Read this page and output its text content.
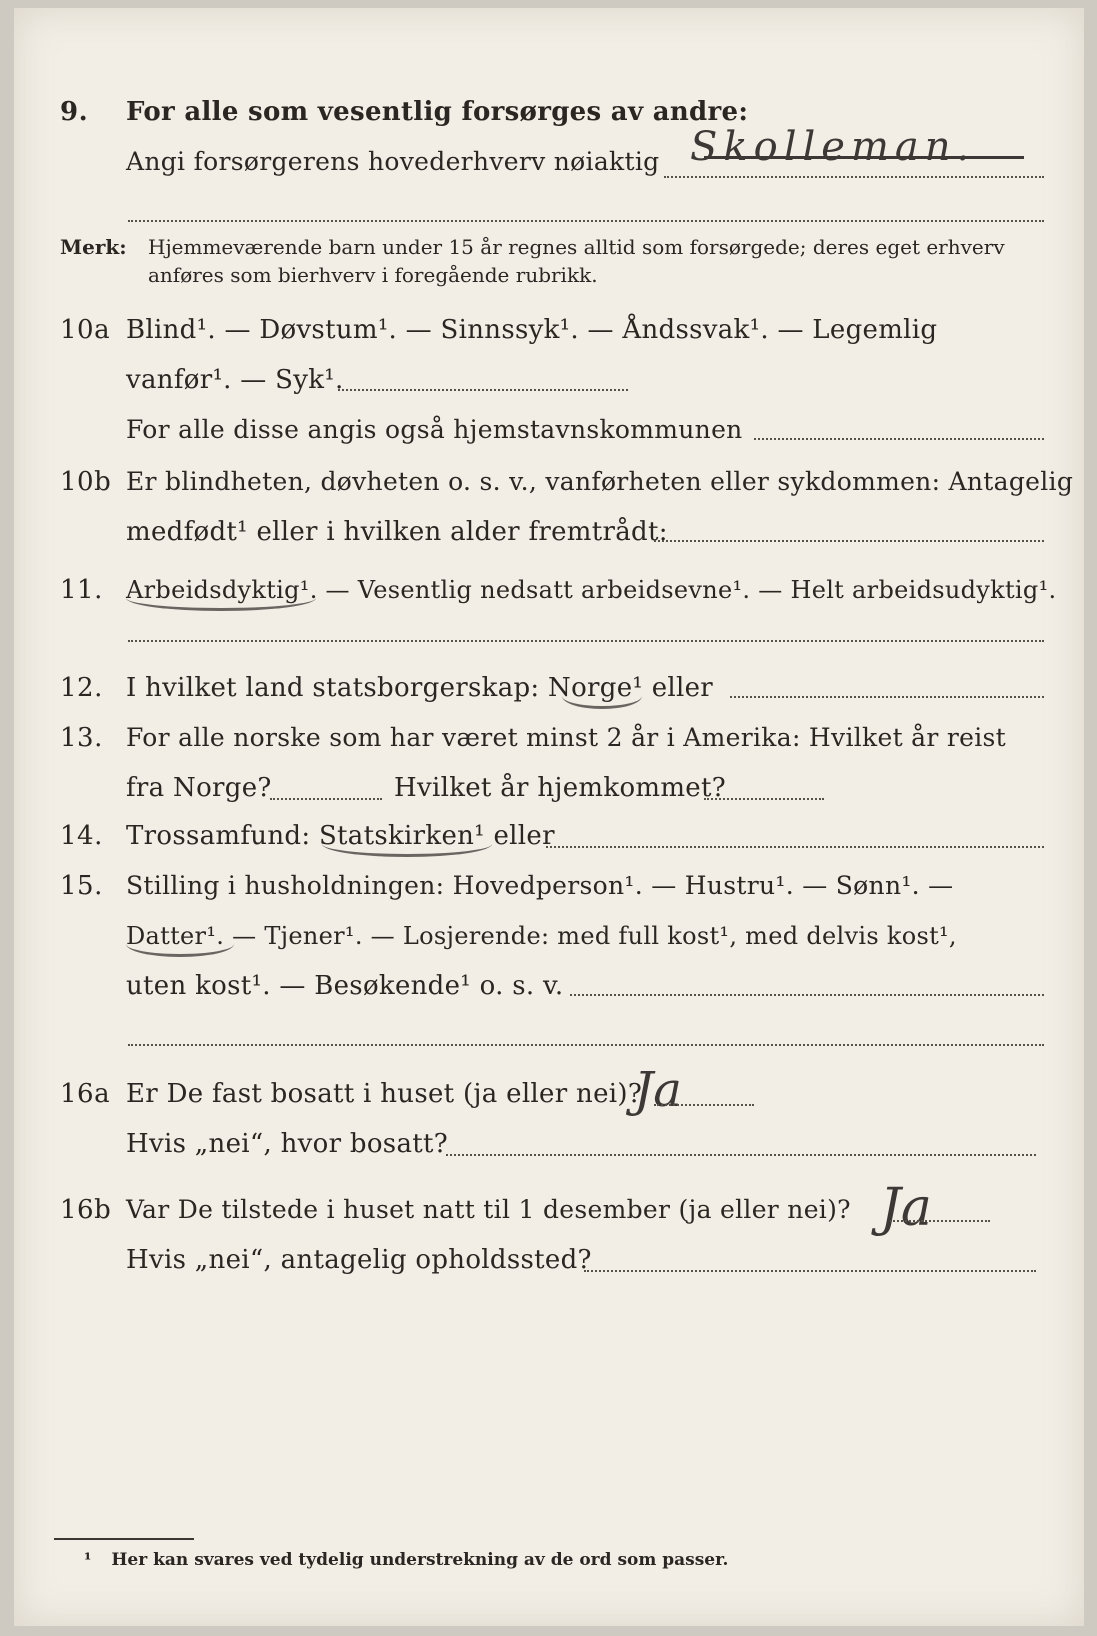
9. For alle som vesentlig forsørges av andre:
Angi forsørgerens hovederhverv nøiaktig Skolleman.
Merk: Hjemmeværende barn under 15 år regnes alltid som forsørgede; deres eget erhverv
anføres som bierhverv i foregående rubrikk.
10a Blind¹. — Døvstum¹. — Sinnssyk¹. — Åndssvak¹. — Legemlig
vanfør¹. — Syk¹.
For alle disse angis også hjemstavnskommunen
10b Er blindheten, døvheten o. s. v., vanførheten eller sykdommen: Antagelig
medfødt¹ eller i hvilken alder fremtrådt:
11. Arbeidsdyktig¹. — Vesentlig nedsatt arbeidsevne¹. — Helt arbeidsudyktig¹.
12. I hvilket land statsborgerskap: Norge¹ eller
13. For alle norske som har været minst 2 år i Amerika: Hvilket år reist
fra Norge?	Hvilket år hjemkommet?
14. Trossamfund: Statskirken¹ eller
15. Stilling i husholdningen: Hovedperson¹. — Hustru¹. — Sønn¹. —
Datter¹. — Tjener¹. — Losjerende: med full kost¹, med delvis kost¹,
uten kost¹. — Besøkende¹ o. s. v.
16a Er De fast bosatt i huset (ja eller nei)?
Ja
Hvis „nei“, hvor bosatt?
16b Var De tilstede i huset natt til 1 desember (ja eller nei)? Ja
Hvis „nei“, antagelig opholdssted?
¹ Her kan svares ved tydelig understrekning av de ord som passer.
